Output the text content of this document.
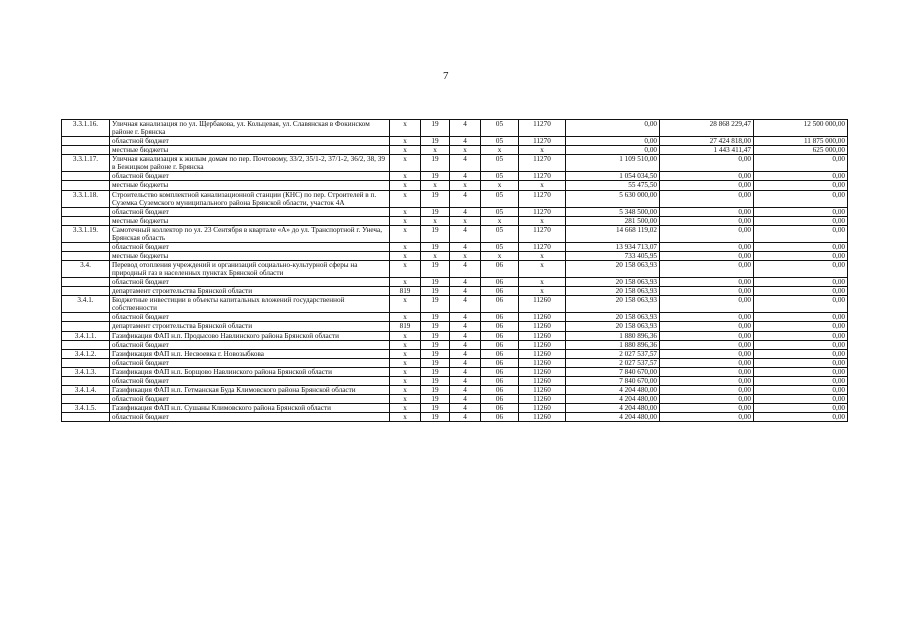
7
3.3.1.16.	Уличная канализация по ул. Щербакова, ул. Кольцевая, ул. Славянская в Фокинском районе г. Брянска	х	19	4	05	11270	0,00	28 868 229,47	12 500 000,00
	областной бюджет	х	19	4	05	11270	0,00	27 424 818,00	11 875 000,00
	местные бюджеты	х	х	х	х	х	0,00	1 443 411,47	625 000,00
3.3.1.17.	Уличная канализация к жилым домам по пер. Почтовому, 33/2, 35/1-2, 37/1-2, 36/2, 38, 39 в Бежицком районе г. Брянска	х	19	4	05	11270	1 109 510,00	0,00	0,00
	областной бюджет	х	19	4	05	11270	1 054 034,50	0,00	0,00
	местные бюджеты	х	х	х	х	х	55 475,50	0,00	0,00
3.3.1.18.	Строительство комплектной канализационной станции (КНС) по пер. Строителей в п. Суземка Суземского муниципального района Брянской области, участок 4А	х	19	4	05	11270	5 630 000,00	0,00	0,00
	областной бюджет	х	19	4	05	11270	5 348 500,00	0,00	0,00
	местные бюджеты	х	х	х	х	х	281 500,00	0,00	0,00
3.3.1.19.	Самотечный коллектор по ул. 23 Сентября в квартале «А» до ул. Транспортной г. Унеча, Брянская область	х	19	4	05	11270	14 668 119,02	0,00	0,00
	областной бюджет	х	19	4	05	11270	13 934 713,07	0,00	0,00
	местные бюджеты	х	х	х	х	х	733 405,95	0,00	0,00
3.4.	Перевод отопления учреждений и организаций социально-культурной сферы на природный газ в населенных пунктах Брянской области	х	19	4	06	х	20 158 063,93	0,00	0,00
	областной бюджет	х	19	4	06	х	20 158 063,93	0,00	0,00
	департамент строительства Брянской области	819	19	4	06	х	20 158 063,93	0,00	0,00
3.4.1.	Бюджетные инвестиции в объекты капитальных вложений государственной собственности	х	19	4	06	11260	20 158 063,93	0,00	0,00
	областной бюджет	х	19	4	06	11260	20 158 063,93	0,00	0,00
	департамент строительства Брянской области	819	19	4	06	11260	20 158 063,93	0,00	0,00
3.4.1.1.	Газификация ФАП н.п. Продысово Навлинского района Брянской области	х	19	4	06	11260	1 880 896,36	0,00	0,00
	областной бюджет	х	19	4	06	11260	1 880 896,36	0,00	0,00
3.4.1.2.	Газификация ФАП н.п. Несвоевка г. Новозыбкова	х	19	4	06	11260	2 027 537,57	0,00	0,00
	областной бюджет	х	19	4	06	11260	2 027 537,57	0,00	0,00
3.4.1.3.	Газификация ФАП н.п. Борщово Навлинского района Брянской области	х	19	4	06	11260	7 840 670,00	0,00	0,00
	областной бюджет	х	19	4	06	11260	7 840 670,00	0,00	0,00
3.4.1.4.	Газификация ФАП н.п. Гетманская Буда Климовского района Брянской области	х	19	4	06	11260	4 204 480,00	0,00	0,00
	областной бюджет	х	19	4	06	11260	4 204 480,00	0,00	0,00
3.4.1.5.	Газификация ФАП н.п. Сушаны Климовского района Брянской области	х	19	4	06	11260	4 204 480,00	0,00	0,00
	областной бюджет	х	19	4	06	11260	4 204 480,00	0,00	0,00
